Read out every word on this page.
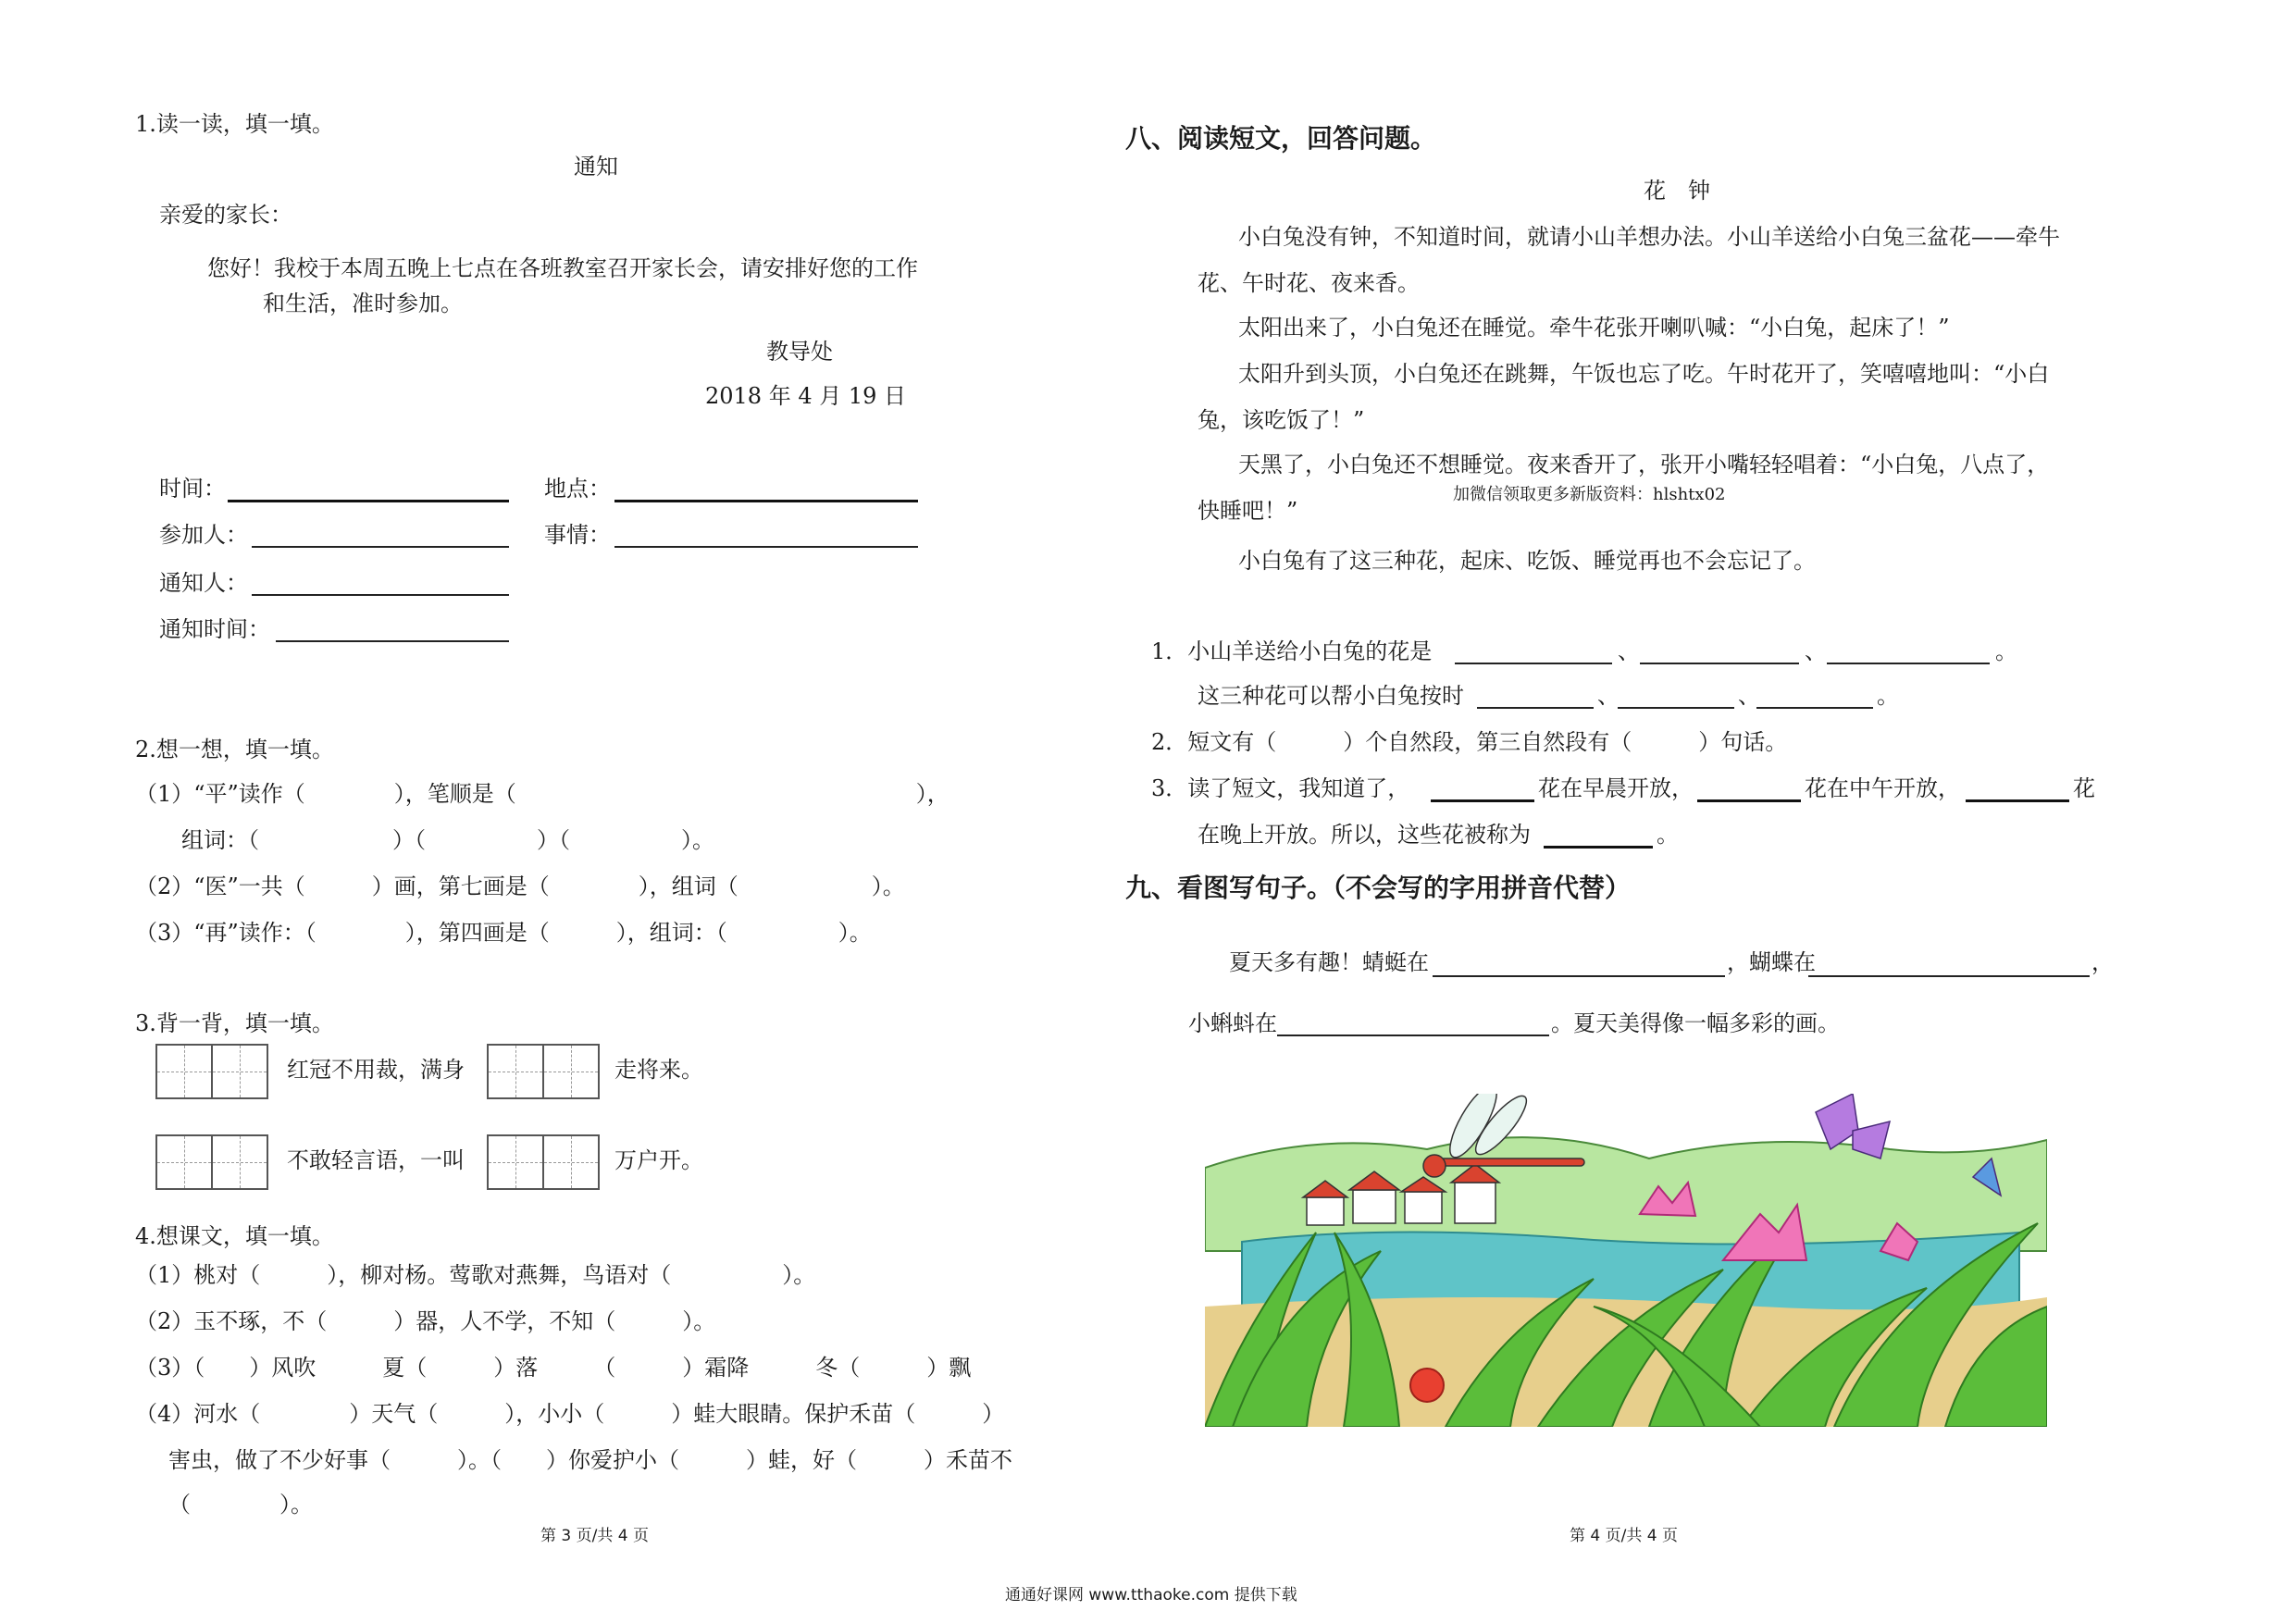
1.读一读，填一填。
通知
亲爱的家长：
您好！我校于本周五晚上七点在各班教室召开家长会，请安排好您的工作
和生活，准时参加。
教导处
2018 年 4 月 19 日
时间：	地点：
参加人：	事情：
通知人：
通知时间：
2.想一想，填一填。
（1）“平”读作（　　　　），笔顺是（　　　　　　　　　　　　　　　　　　），
组词：（　　　　　　）（　　　　　）（　　　　　）。
（2）“医”一共（　　　）画，第七画是（　　　　），组词（　　　　　　）。
（3）“再”读作：（　　　　），第四画是（　　　），组词：（　　　　　）。
3.背一背，填一填。
红冠不用裁，满身	走将来。
不敢轻言语，一叫	万户开。
4.想课文，填一填。
（1）桃对（　　　），柳对杨。莺歌对燕舞，鸟语对（　　　　　）。
（2）玉不琢，不（　　　）器，人不学，不知（　　　）。
（3）（　　）风吹　　　夏（　　　）落　　　（　　　）霜降　　　冬（　　　）飘
（4）河水（　　　　）天气（　　　），小小（　　　）蛙大眼睛。保护禾苗（　　　）
害虫，做了不少好事（　　　）。（　　）你爱护小（　　　）蛙，好（　　　）禾苗不
（　　　　）。
第 3 页/共 4 页
八、阅读短文，回答问题。
花　钟
小白兔没有钟，不知道时间，就请小山羊想办法。小山羊送给小白兔三盆花——牵牛
花、午时花、夜来香。
太阳出来了，小白兔还在睡觉。牵牛花张开喇叭喊：“小白兔，起床了！”
太阳升到头顶，小白兔还在跳舞，午饭也忘了吃。午时花开了，笑嘻嘻地叫：“小白
兔，该吃饭了！”
天黑了，小白兔还不想睡觉。夜来香开了，张开小嘴轻轻唱着：“小白兔，八点了，
加微信领取更多新版资料：hlshtx02
快睡吧！”
小白兔有了这三种花，起床、吃饭、睡觉再也不会忘记了。
1．小山羊送给小白兔的花是	、	、	。
这三种花可以帮小白兔按时	、	、	。
2．短文有（　　　）个自然段，第三自然段有（　　　）句话。
3．读了短文，我知道了，	花在早晨开放，	花在中午开放，	花
在晚上开放。所以，这些花被称为	。
九、看图写句子。（不会写的字用拼音代替）
夏天多有趣！蜻蜓在	，蝴蝶在	，
小蝌蚪在	。夏天美得像一幅多彩的画。
第 4 页/共 4 页
通通好课网 www.tthaoke.com 提供下载
